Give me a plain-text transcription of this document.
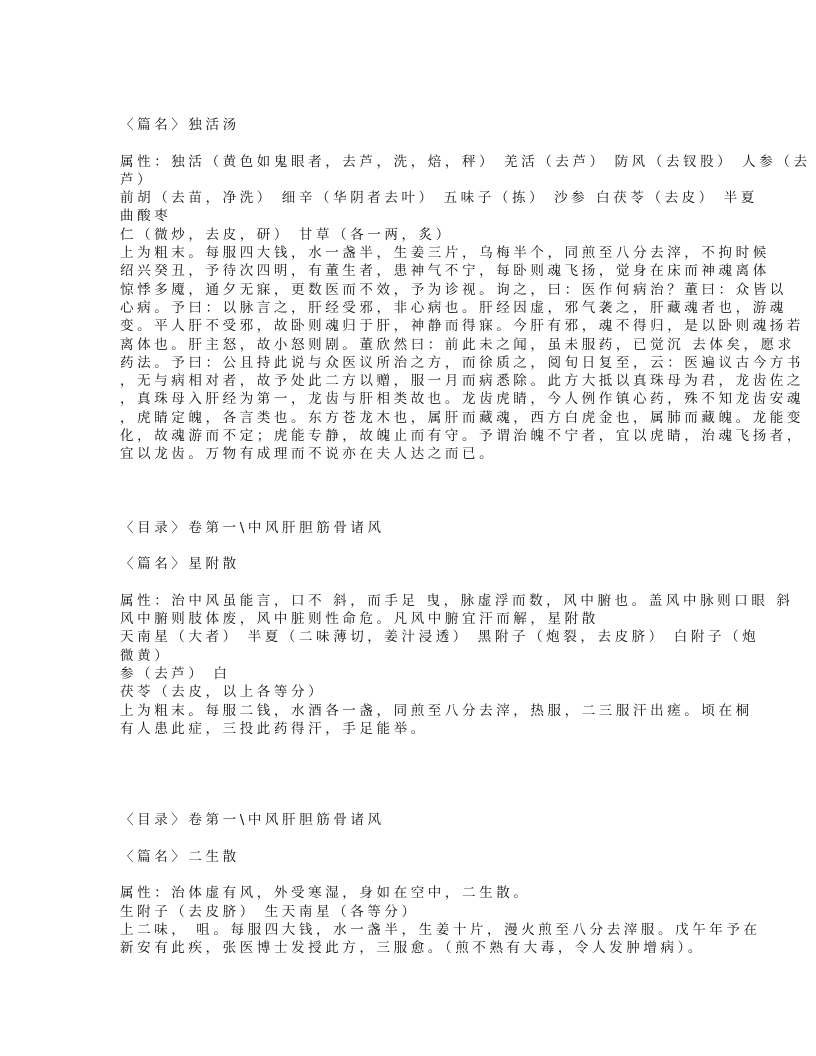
〈篇名〉独活汤
属性：独活（黄色如鬼眼者，去芦，洗，焙，秤） 羌活（去芦） 防风（去钗股） 人参（去
芦）
前胡（去苗，净洗） 细辛（华阴者去叶） 五味子（拣） 沙参 白茯苓（去皮） 半夏
曲酸枣
仁（微炒，去皮，研） 甘草（各一两，炙）
上为粗末。每服四大钱，水一盏半，生姜三片，乌梅半个，同煎至八分去滓，不拘时候
绍兴癸丑，予待次四明，有董生者，患神气不宁，每卧则魂飞扬，觉身在床而神魂离体
惊悸多魇，通夕无寐，更数医而不效，予为诊视。询之，曰：医作何病治？董曰：众皆以
心病。予曰：以脉言之，肝经受邪，非心病也。肝经因虚，邪气袭之，肝藏魂者也，游魂
变。平人肝不受邪，故卧则魂归于肝，神静而得寐。今肝有邪，魂不得归，是以卧则魂扬若
离体也。肝主怒，故小怒则剧。董欣然曰：前此未之闻，虽未服药，已觉沉 去体矣，愿求
药法。予曰：公且持此说与众医议所治之方，而徐质之，阅旬日复至，云：医遍议古今方书
，无与病相对者，故予处此二方以赠，服一月而病悉除。此方大抵以真珠母为君，龙齿佐之
，真珠母入肝经为第一，龙齿与肝相类故也。龙齿虎睛，今人例作镇心药，殊不知龙齿安魂
，虎睛定魄，各言类也。东方苍龙木也，属肝而藏魂，西方白虎金也，属肺而藏魄。龙能变
化，故魂游而不定；虎能专静，故魄止而有守。予谓治魄不宁者，宜以虎睛，治魂飞扬者，
宜以龙齿。万物有成理而不说亦在夫人达之而已。
〈目录〉卷第一\中风肝胆筋骨诸风
〈篇名〉星附散
属性：治中风虽能言，口不 斜，而手足 曳，脉虚浮而数，风中腑也。盖风中脉则口眼 斜
风中腑则肢体废，风中脏则性命危。凡风中腑宜汗而解，星附散
天南星（大者） 半夏（二味薄切，姜汁浸透） 黑附子（炮裂，去皮脐） 白附子（炮
微黄）
参（去芦） 白
茯苓（去皮，以上各等分）
上为粗末。每服二钱，水酒各一盏，同煎至八分去滓，热服，二三服汗出瘥。顷在桐
有人患此症，三投此药得汗，手足能举。
〈目录〉卷第一\中风肝胆筋骨诸风
〈篇名〉二生散
属性：治体虚有风，外受寒湿，身如在空中，二生散。
生附子（去皮脐） 生天南星（各等分）
上二味， 咀。每服四大钱，水一盏半，生姜十片，漫火煎至八分去滓服。戊午年予在
新安有此疾，张医博士发授此方，三服愈。（煎不熟有大毒，令人发肿增病）。
